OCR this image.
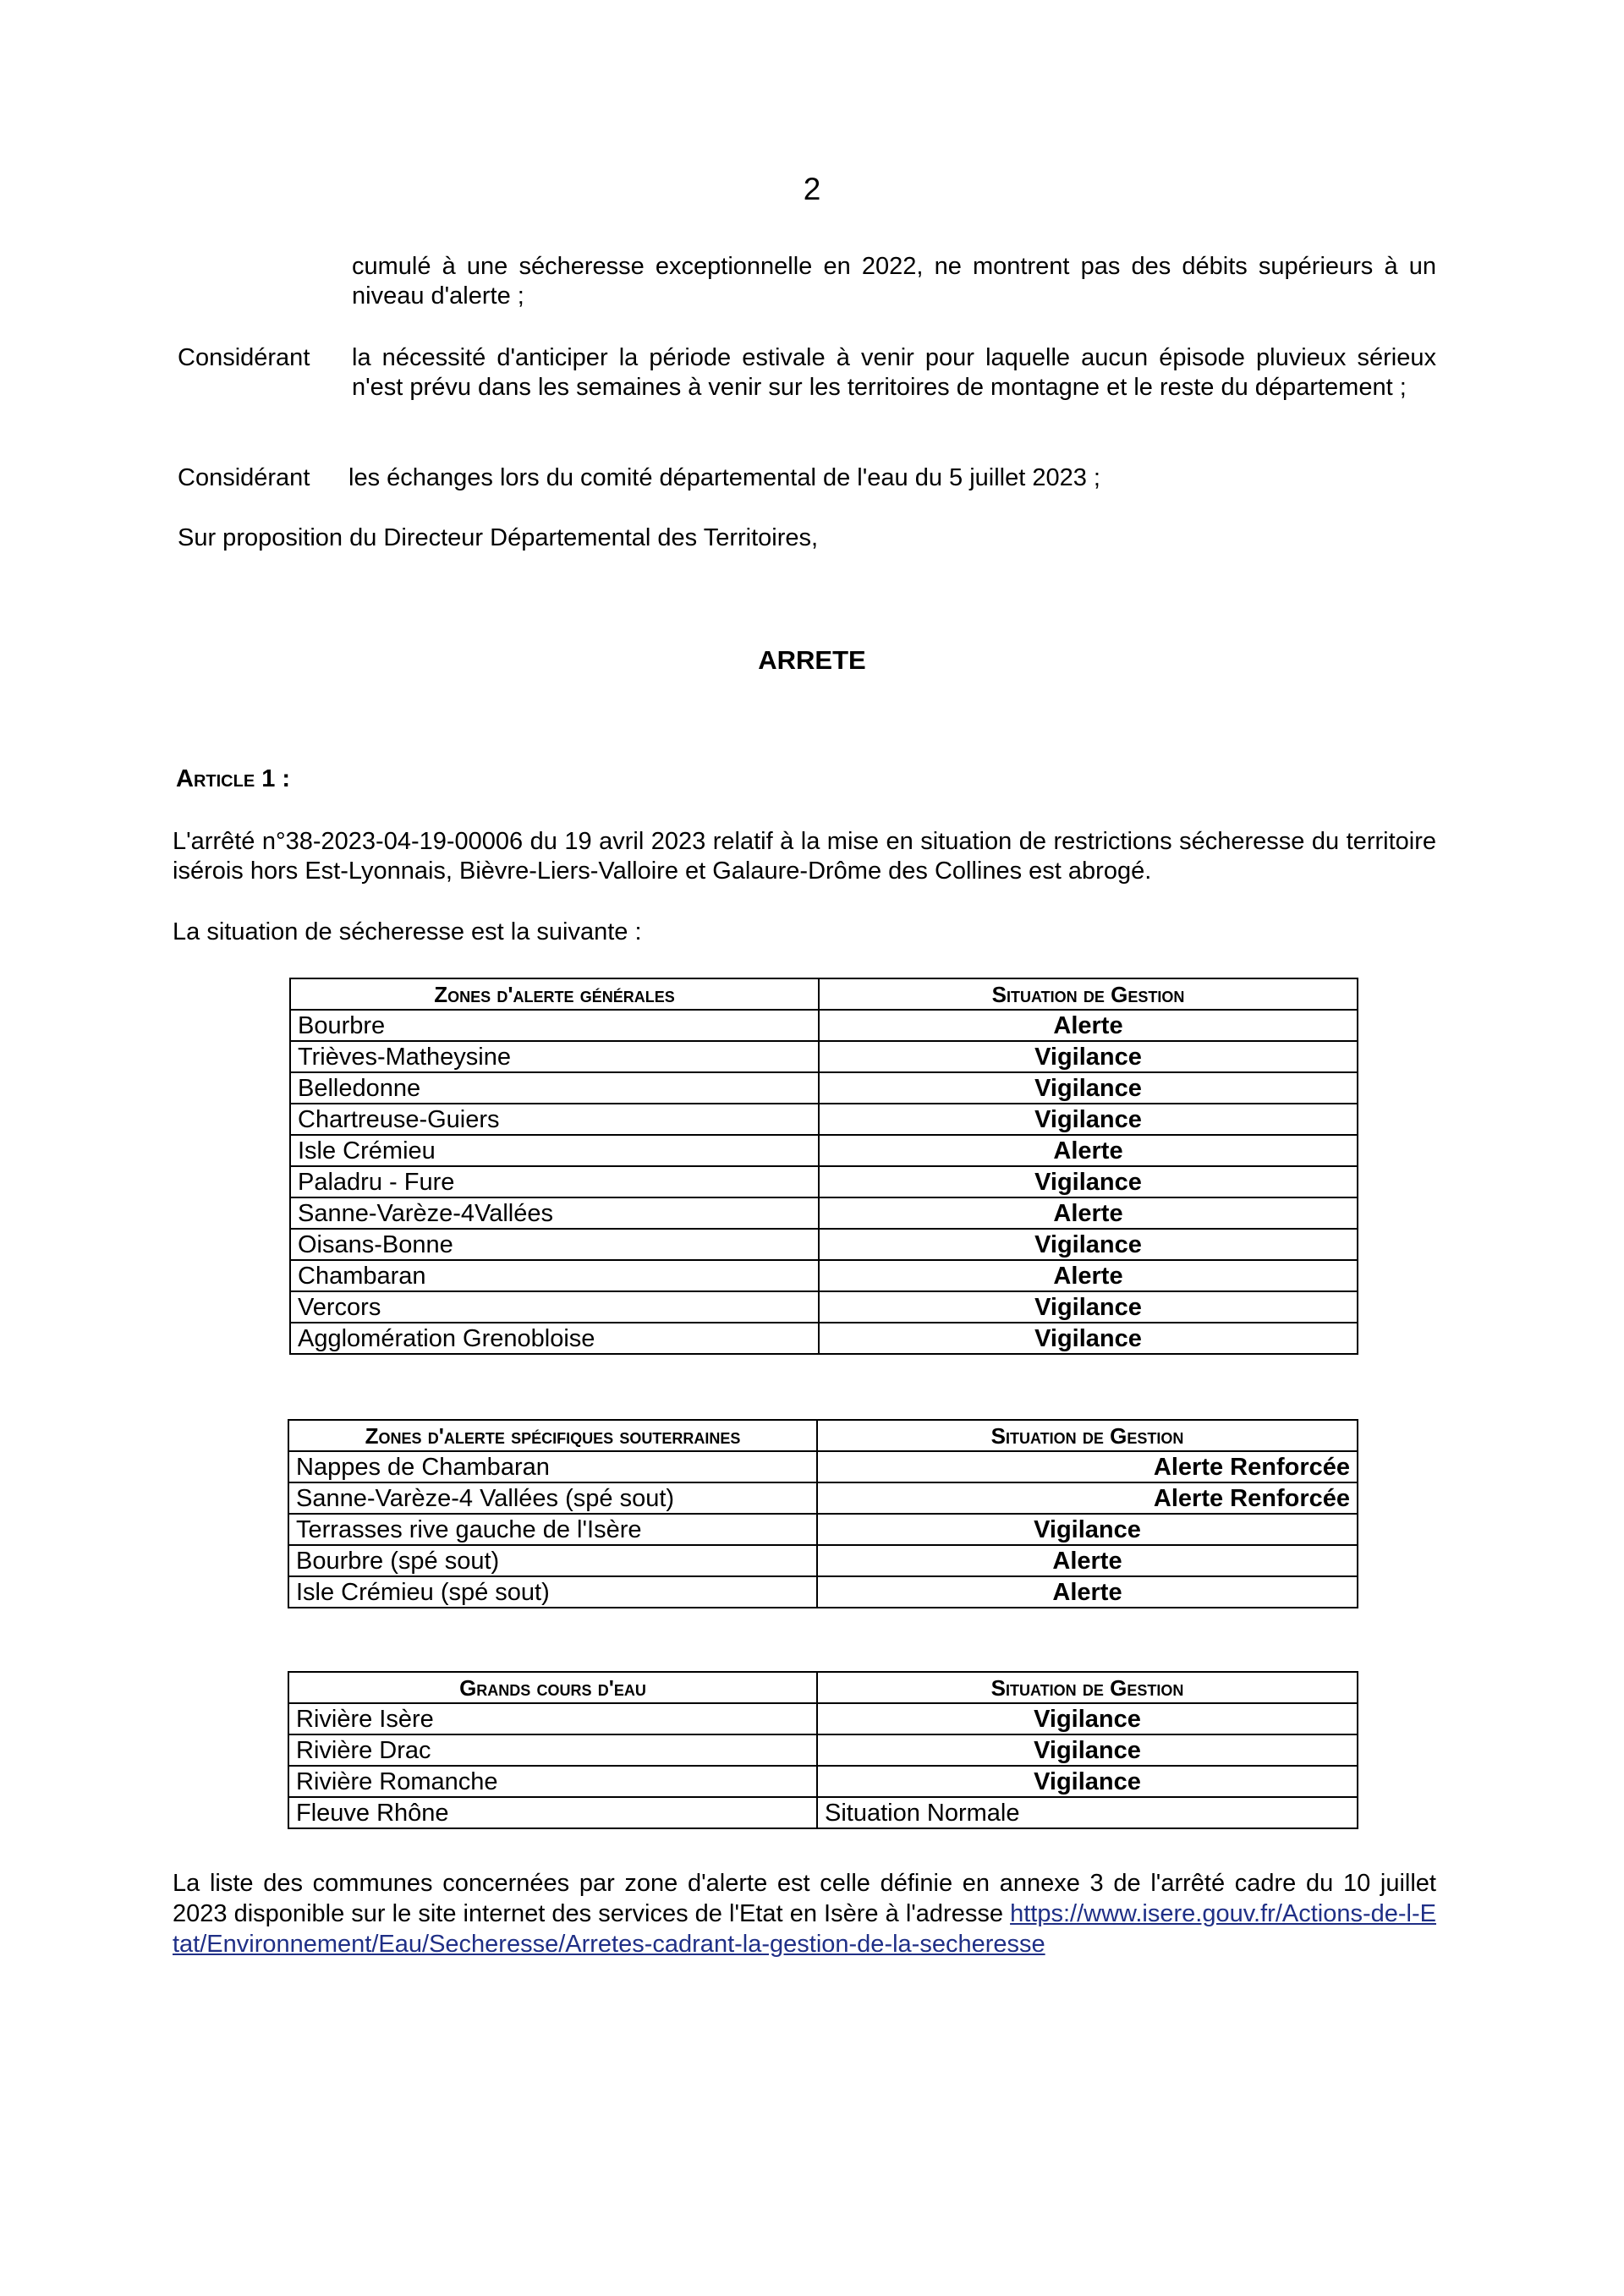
2
cumulé à une sécheresse exceptionnelle en 2022, ne montrent pas des débits supérieurs à un niveau d'alerte ;
Considérant la nécessité d'anticiper la période estivale à venir pour laquelle aucun épisode pluvieux sérieux n'est prévu dans les semaines à venir sur les territoires de montagne et le reste du département ;
Considérant les échanges lors du comité départemental de l'eau du 5 juillet 2023 ;
Sur proposition du Directeur Départemental des Territoires,
ARRETE
Article 1 :
L'arrêté n°38-2023-04-19-00006 du 19 avril 2023 relatif à la mise en situation de restrictions sécheresse du territoire isérois hors Est-Lyonnais, Bièvre-Liers-Valloire et Galaure-Drôme des Collines est abrogé.
La situation de sécheresse est la suivante :
Zones d'alerte générales	Situation de Gestion
Bourbre	Alerte
Trièves-Matheysine	Vigilance
Belledonne	Vigilance
Chartreuse-Guiers	Vigilance
Isle Crémieu	Alerte
Paladru - Fure	Vigilance
Sanne-Varèze-4Vallées	Alerte
Oisans-Bonne	Vigilance
Chambaran	Alerte
Vercors	Vigilance
Agglomération Grenobloise	Vigilance
Zones d'alerte spécifiques souterraines	Situation de Gestion
Nappes de Chambaran	Alerte Renforcée
Sanne-Varèze-4 Vallées (spé sout)	Alerte Renforcée
Terrasses rive gauche de l'Isère	Vigilance
Bourbre (spé sout)	Alerte
Isle Crémieu (spé sout)	Alerte
Grands cours d'eau	Situation de Gestion
Rivière Isère	Vigilance
Rivière Drac	Vigilance
Rivière Romanche	Vigilance
Fleuve Rhône	Situation Normale
La liste des communes concernées par zone d'alerte est celle définie en annexe 3 de l'arrêté cadre du 10 juillet 2023 disponible sur le site internet des services de l'Etat en Isère à l'adresse https://www.isere.gouv.fr/Actions-de-l-Etat/Environnement/Eau/Secheresse/Arretes-cadrant-la-gestion-de-la-secheresse
